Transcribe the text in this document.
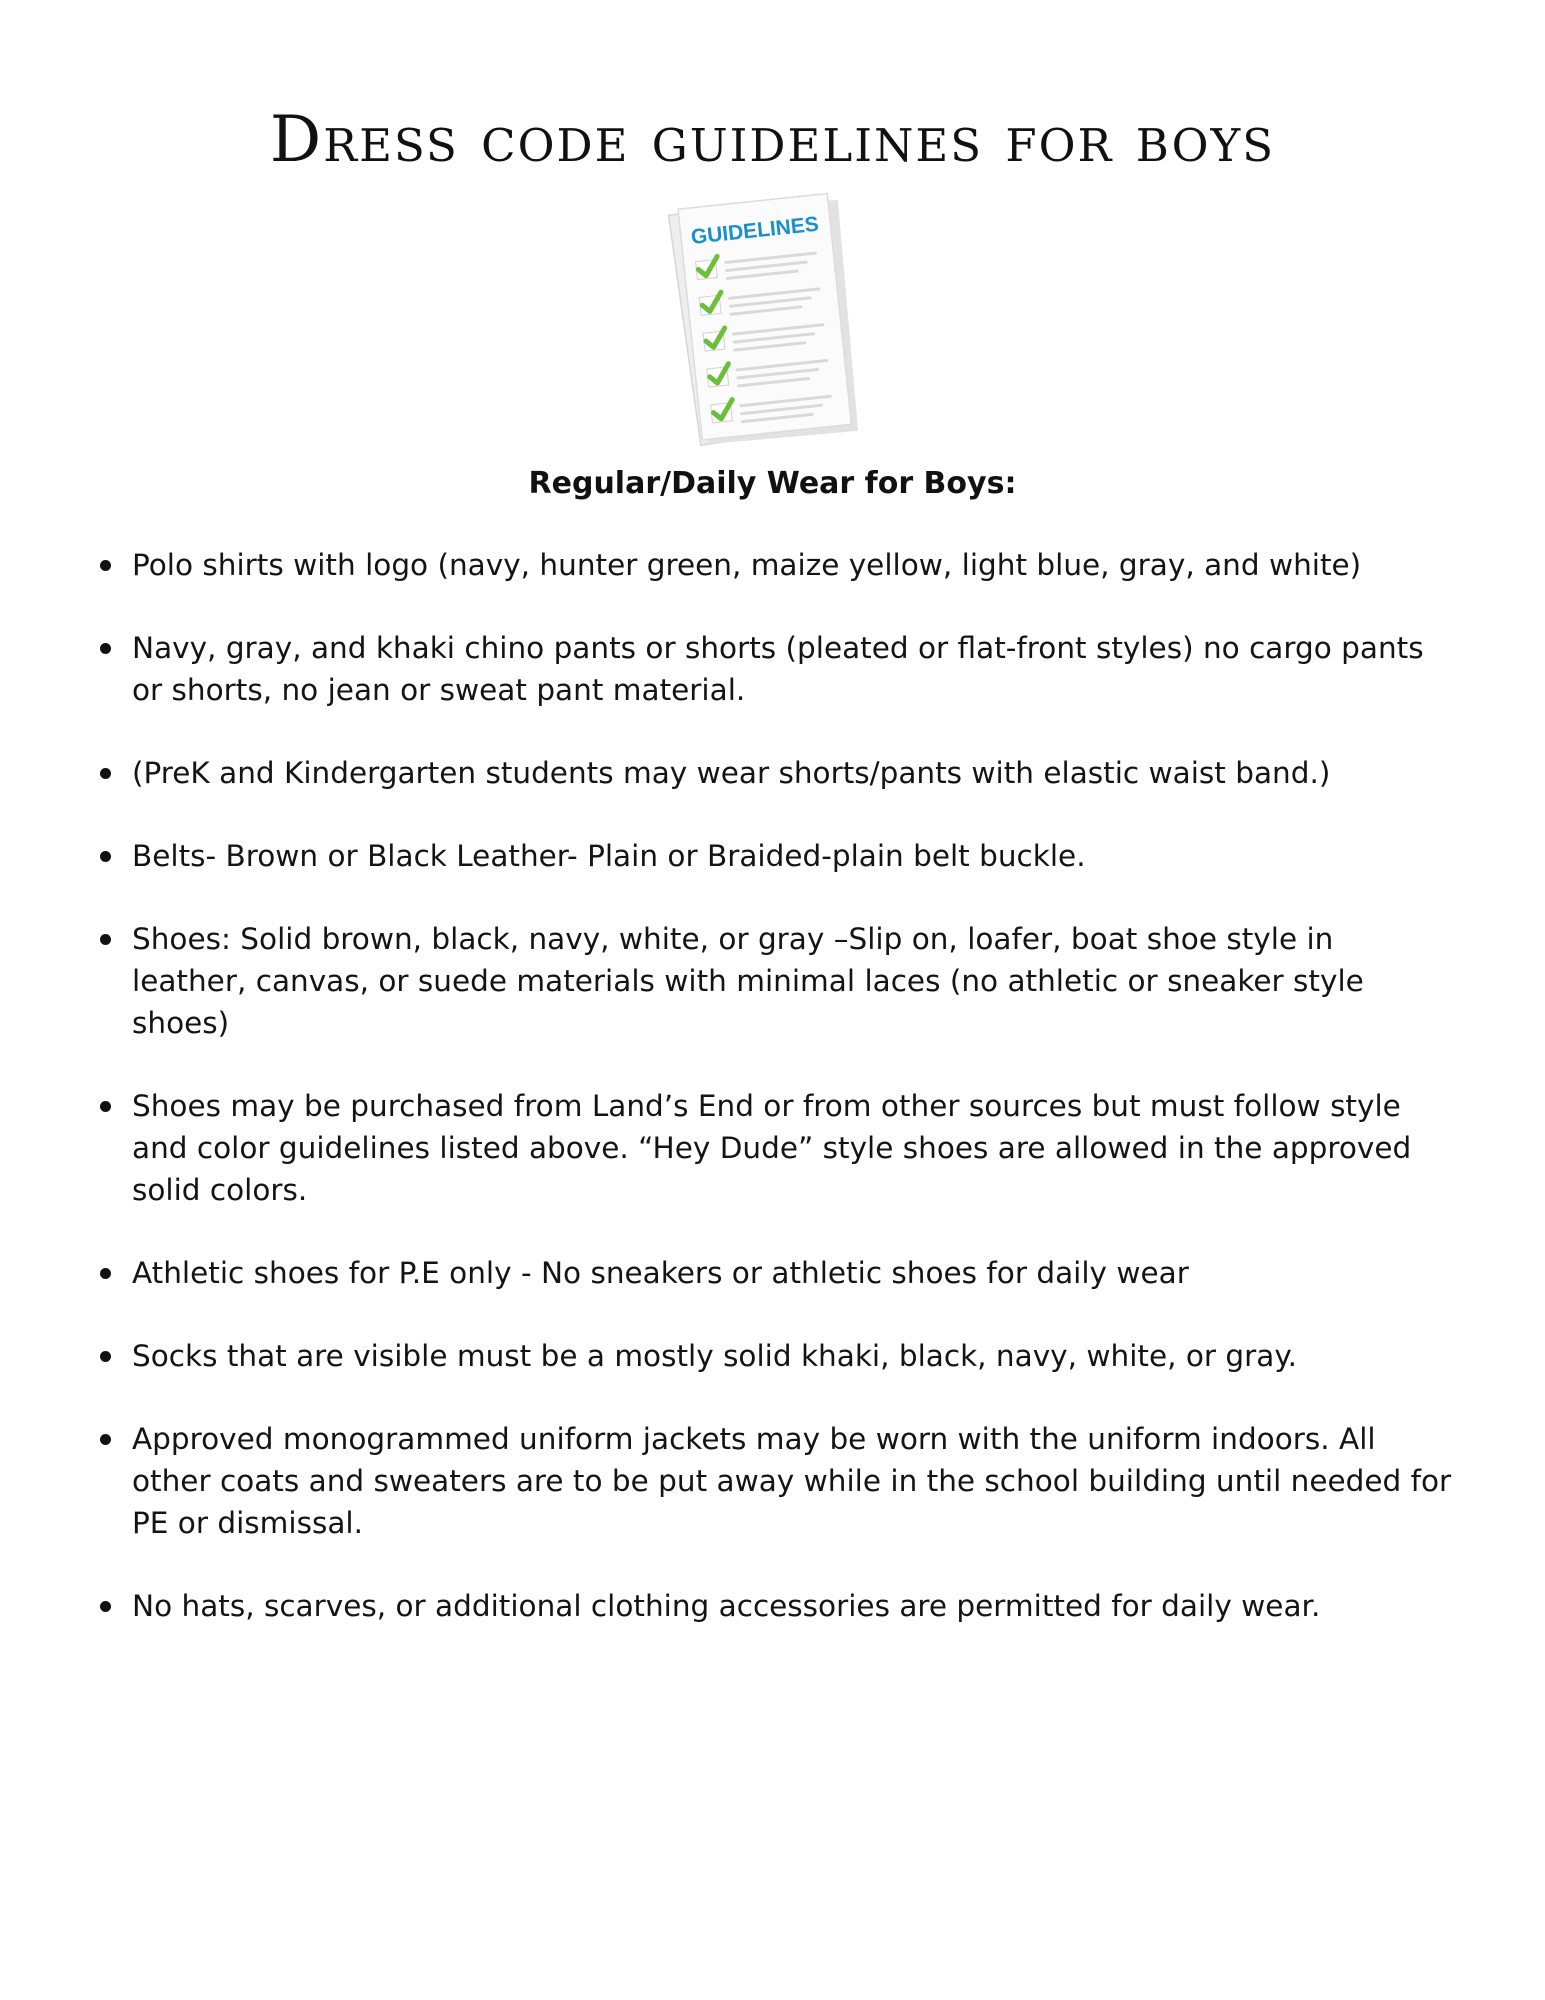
Dress code guidelines for boys
GUIDELINES
Regular/Daily Wear for Boys:
Polo shirts with logo (navy, hunter green, maize yellow, light blue, gray, and white)
Navy, gray, and khaki chino pants or shorts (pleated or flat-front styles) no cargo pants or shorts, no jean or sweat pant material.
(PreK and Kindergarten students may wear shorts/pants with elastic waist band.)
Belts- Brown or Black Leather- Plain or Braided-plain belt buckle.
Shoes: Solid brown, black, navy, white, or gray –Slip on, loafer, boat shoe style in leather, canvas, or suede materials with minimal laces (no athletic or sneaker style shoes)
Shoes may be purchased from Land’s End or from other sources but must follow style and color guidelines listed above. “Hey Dude” style shoes are allowed in the approved solid colors.
Athletic shoes for P.E only - No sneakers or athletic shoes for daily wear
Socks that are visible must be a mostly solid khaki, black, navy, white, or gray.
Approved monogrammed uniform jackets may be worn with the uniform indoors. All other coats and sweaters are to be put away while in the school building until needed for PE or dismissal.
No hats, scarves, or additional clothing accessories are permitted for daily wear.
